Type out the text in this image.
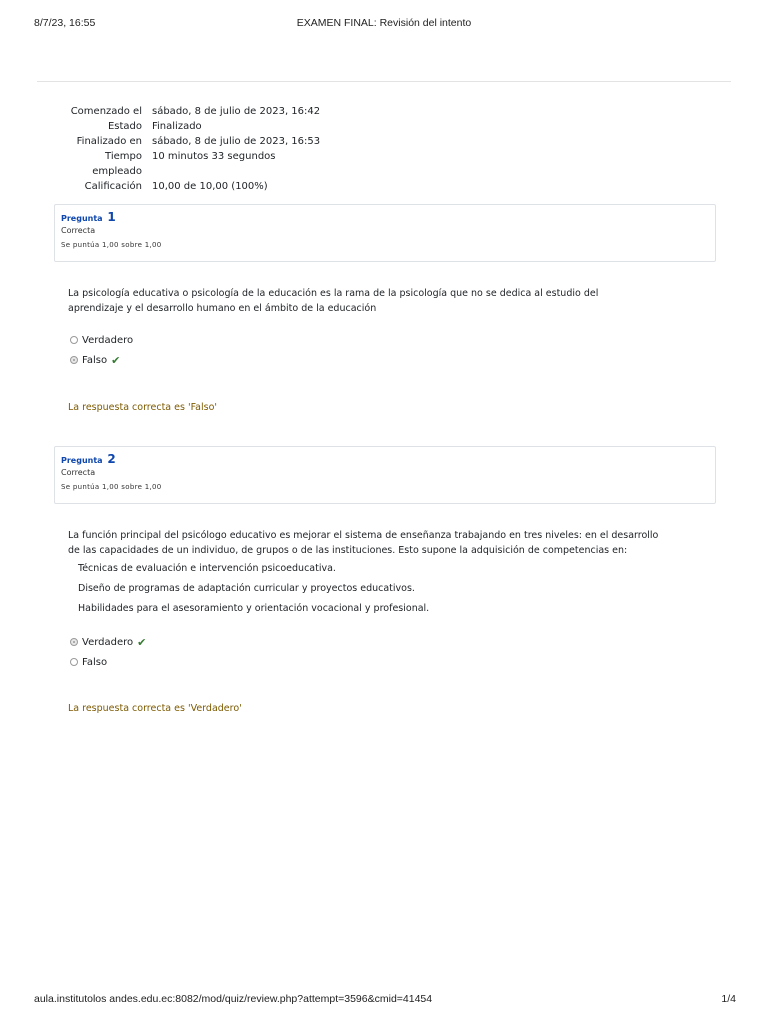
8/7/23, 16:55	EXAMEN FINAL: Revisión del intento
Comenzado el	sábado, 8 de julio de 2023, 16:42
Estado	Finalizado
Finalizado en	sábado, 8 de julio de 2023, 16:53
Tiempo	10 minutos 33 segundos
empleado
Calificación	10,00 de 10,00 (100%)
Pregunta 1
Correcta
Se puntúa 1,00 sobre 1,00
La psicología educativa o psicología de la educación es la rama de la psicología que no se dedica al estudio del
aprendizaje y el desarrollo humano en el ámbito de la educación
Verdadero
Falso ✔
La respuesta correcta es 'Falso'
Pregunta 2
Correcta
Se puntúa 1,00 sobre 1,00
La función principal del psicólogo educativo es mejorar el sistema de enseñanza trabajando en tres niveles: en el desarrollo
de las capacidades de un individuo, de grupos o de las instituciones. Esto supone la adquisición de competencias en:
Técnicas de evaluación e intervención psicoeducativa.
Diseño de programas de adaptación curricular y proyectos educativos.
Habilidades para el asesoramiento y orientación vocacional y profesional.
Verdadero ✔
Falso
La respuesta correcta es 'Verdadero'
aula.institutolos andes.edu.ec:8082/mod/quiz/review.php?attempt=3596&cmid=41454	1/4
